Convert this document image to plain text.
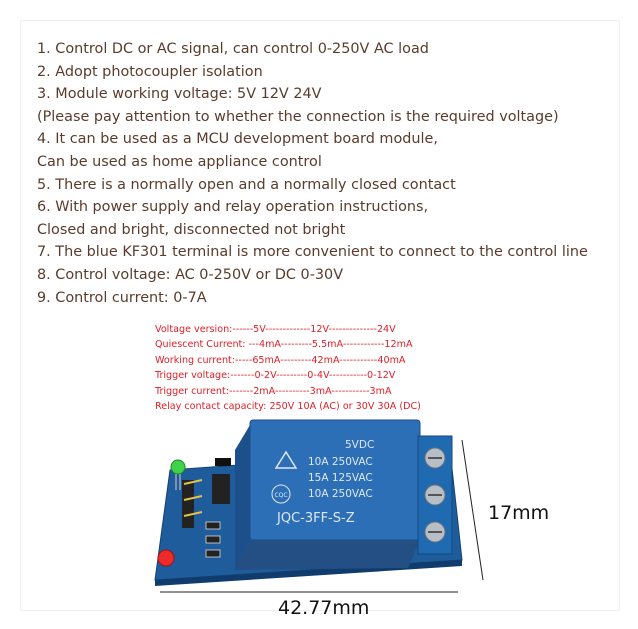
1. Control DC or AC signal, can control 0-250V AC load
2. Adopt photocoupler isolation
3. Module working voltage: 5V 12V 24V
(Please pay attention to whether the connection is the required voltage)
4. It can be used as a MCU development board module,
Can be used as home appliance control
5. There is a normally open and a normally closed contact
6. With power supply and relay operation instructions,
Closed and bright, disconnected not bright
7. The blue KF301 terminal is more convenient to connect to the control line
8. Control voltage: AC 0-250V or DC 0-30V
9. Control current: 0-7A
Voltage version:------5V-------------12V--------------24V
Quiescent Current: ---4mA---------5.5mA------------12mA
Working current:-----65mA---------42mA-----------40mA
Trigger voltage:-------0-2V---------0-4V-----------0-12V
Trigger current:-------2mA----------3mA-----------3mA
Relay contact capacity: 250V 10A (AC) or 30V 30A (DC)
CQC
5VDC
10A 250VAC
15A 125VAC
10A 250VAC
JQC-3FF-S-Z	17mm
42.77mm
